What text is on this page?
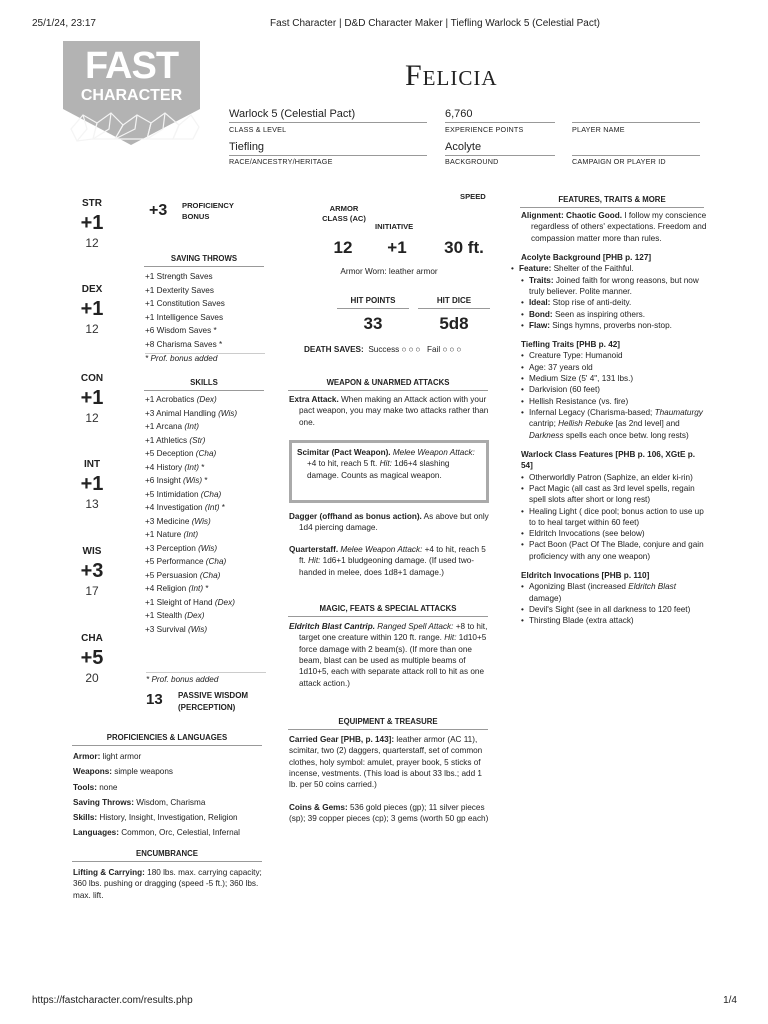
25/1/24, 23:17	Fast Character | D&D Character Maker | Tiefling Warlock 5 (Celestial Pact)
https://fastcharacter.com/results.php	1/4
FAST
CHARACTER
Felicia
Warlock 5 (Celestial Pact)
CLASS & LEVEL
6,760
EXPERIENCE POINTS	PLAYER NAME
Tiefling
RACE/ANCESTRY/HERITAGE
Acolyte
BACKGROUND	CAMPAIGN OR PLAYER ID
STR
+1
12
DEX
+1
12
CON
+1
12
INT
+1
13
WIS
+3
17
CHA
+5
20
+3 PROFICIENCY
BONUS
SAVING THROWS
+1 Strength Saves
+1 Dexterity Saves
+1 Constitution Saves
+1 Intelligence Saves
+6 Wisdom Saves *
+8 Charisma Saves *
* Prof. bonus added
SKILLS
+1 Acrobatics (Dex)
+3 Animal Handling (Wis)
+1 Arcana (Int)
+1 Athletics (Str)
+5 Deception (Cha)
+4 History (Int) *
+6 Insight (Wis) *
+5 Intimidation (Cha)
+4 Investigation (Int) *
+3 Medicine (Wis)
+1 Nature (Int)
+3 Perception (Wis)
+5 Performance (Cha)
+5 Persuasion (Cha)
+4 Religion (Int) *
+1 Sleight of Hand (Dex)
+1 Stealth (Dex)
+3 Survival (Wis)
* Prof. bonus added
13 PASSIVE WISDOM
(PERCEPTION)
PROFICIENCIES & LANGUAGES
Armor: light armor
Weapons: simple weapons
Tools: none
Saving Throws: Wisdom, Charisma
Skills: History, Insight, Investigation, Religion
Languages: Common, Orc, Celestial, Infernal
ENCUMBRANCE
Lifting & Carrying: 180 lbs. max. carrying capacity; 360 lbs. pushing or dragging (speed -5 ft.); 360 lbs. max. lift.
ARMOR CLASS (AC)
INITIATIVE
SPEED
12	+1	30 ft.
Armor Worn: leather armor
HIT POINTS	HIT DICE
33	5d8
DEATH SAVES: Success ○○○ Fail ○○○
WEAPON & UNARMED ATTACKS
Extra Attack. When making an Attack action with your pact weapon, you may make two attacks rather than one.
Scimitar (Pact Weapon). Melee Weapon Attack: +4 to hit, reach 5 ft. Hit: 1d6+4 slashing damage. Counts as magical weapon.
Dagger (offhand as bonus action). As above but only 1d4 piercing damage.
Quarterstaff. Melee Weapon Attack: +4 to hit, reach 5 ft. Hit: 1d6+1 bludgeoning damage. (If used two-handed in melee, does 1d8+1 damage.)
MAGIC, FEATS & SPECIAL ATTACKS
Eldritch Blast Cantrip. Ranged Spell Attack: +8 to hit, target one creature within 120 ft. range. Hit: 1d10+5 force damage with 2 beam(s). (If more than one beam, blast can be used as multiple beams of 1d10+5, each with separate attack roll to hit as one attack action.)
EQUIPMENT & TREASURE
Carried Gear [PHB, p. 143]: leather armor (AC 11), scimitar, two (2) daggers, quarterstaff, set of common clothes, holy symbol: amulet, prayer book, 5 sticks of incense, vestments. (This load is about 33 lbs.; add 1 lb. per 50 coins carried.)
Coins & Gems: 536 gold pieces (gp); 11 silver pieces (sp); 39 copper pieces (cp); 3 gems (worth 50 gp each)
FEATURES, TRAITS & MORE
Alignment: Chaotic Good. I follow my conscience regardless of others' expectations. Freedom and compassion matter more than rules.
Acolyte Background [PHB p. 127]
• Feature: Shelter of the Faithful.
• Traits: Joined faith for wrong reasons, but now truly believer. Polite manner.
• Ideal: Stop rise of anti-deity.
• Bond: Seen as inspiring others.
• Flaw: Sings hymns, proverbs non-stop.
Tiefling Traits [PHB p. 42]
• Creature Type: Humanoid
• Age: 37 years old
• Medium Size (5' 4", 131 lbs.)
• Darkvision (60 feet)
• Hellish Resistance (vs. fire)
• Infernal Legacy (Charisma-based; Thaumaturgy cantrip; Hellish Rebuke [as 2nd level] and Darkness spells each once betw. long rests)
Warlock Class Features [PHB p. 106, XGtE p. 54]
• Otherworldly Patron (Saphize, an elder ki-rin)
• Pact Magic (all cast as 3rd level spells, regain spell slots after short or long rest)
• Healing Light ( dice pool; bonus action to use up to to heal target within 60 feet)
• Eldritch Invocations (see below)
• Pact Boon (Pact Of The Blade, conjure and gain proficiency with any one weapon)
Eldritch Invocations [PHB p. 110]
• Agonizing Blast (increased Eldritch Blast damage)
• Devil's Sight (see in all darkness to 120 feet)
• Thirsting Blade (extra attack)
